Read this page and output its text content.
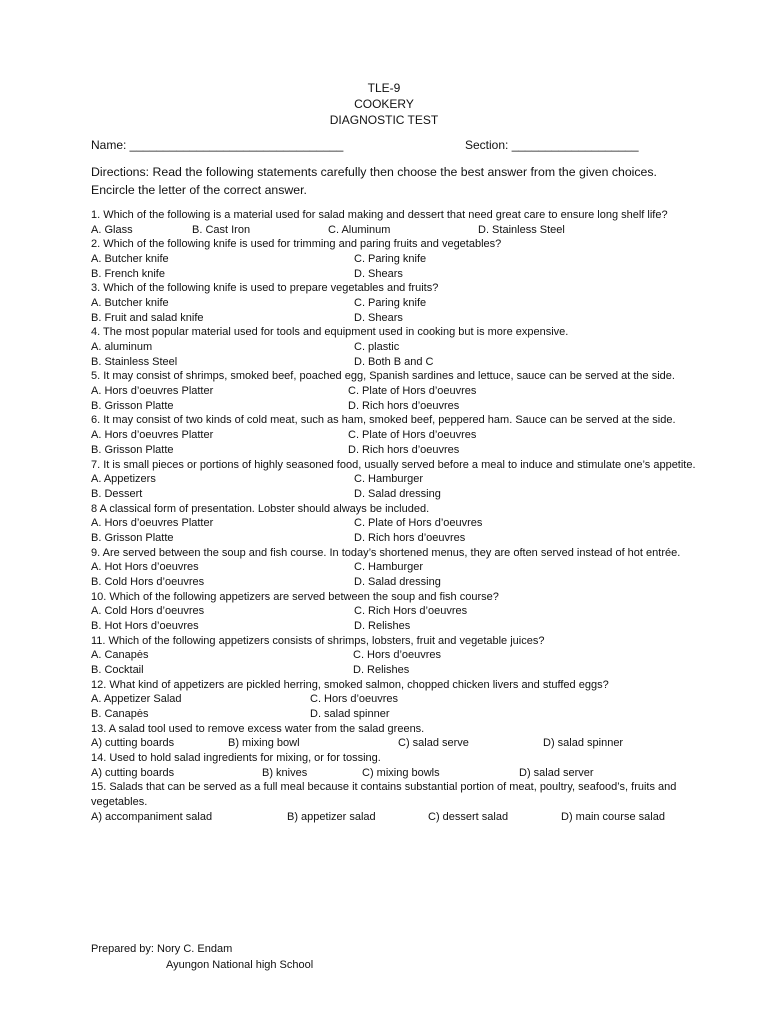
TLE-9
COOKERY
DIAGNOSTIC TEST
Name: ________________________________	Section: ___________________
Directions: Read the following statements carefully then choose the best answer from the given choices. Encircle the letter of the correct answer.

1. Which of the following is a material used for salad making and dessert that need great care to ensure long shelf life?

A. Glass	B. Cast Iron	C. Aluminum	D. Stainless Steel

2. Which of the following knife is used for trimming and paring fruits and vegetables?

A. Butcher knife	C. Paring knife
B. French knife	D. Shears

3. Which of the following knife is used to prepare vegetables and fruits?

A. Butcher knife	C. Paring knife
B. Fruit and salad knife	D. Shears

4. The most popular material used for tools and equipment used in cooking but is more expensive.

A. aluminum	C. plastic
B. Stainless Steel	D. Both B and C

5. It may consist of shrimps, smoked beef, poached egg, Spanish sardines and lettuce, sauce can be served at the side.

A. Hors d’oeuvres Platter	C. Plate of Hors d’oeuvres
B. Grisson Platte	D. Rich hors d’oeuvres

6. It may consist of two kinds of cold meat, such as ham, smoked beef, peppered ham. Sauce can be served at the side.

A. Hors d’oeuvres Platter	C. Plate of Hors d’oeuvres
B. Grisson Platte	D. Rich hors d’oeuvres

7. It is small pieces or portions of highly seasoned food, usually served before a meal to induce and stimulate one’s appetite.

A. Appetizers	C. Hamburger
B. Dessert	D. Salad dressing

8 A classical form of presentation. Lobster should always be included.

A. Hors d’oeuvres Platter	C. Plate of Hors d’oeuvres
B. Grisson Platte	D. Rich hors d’oeuvres

9. Are served between the soup and fish course. In today’s shortened menus, they are often served instead of hot entrée.

A. Hot Hors d’oeuvres	C. Hamburger
B. Cold Hors d’oeuvres	D. Salad dressing

10. Which of the following appetizers are served between the soup and fish course?

A. Cold Hors d’oeuvres	C. Rich Hors d’oeuvres
B. Hot Hors d’oeuvres	D. Relishes

11. Which of the following appetizers consists of shrimps, lobsters, fruit and vegetable juices?

A. Canapės	C. Hors d’oeuvres
B. Cocktail	D. Relishes

12. What kind of appetizers are pickled herring, smoked salmon, chopped chicken livers and stuffed eggs?

A. Appetizer Salad	C. Hors d’oeuvres
B. Canapės	D. salad spinner

13. A salad tool used to remove excess water from the salad greens.

A) cutting boards	B) mixing bowl	C) salad serve	D) salad spinner

14. Used to hold salad ingredients for mixing, or for tossing.

A) cutting boards	B) knives	C) mixing bowls	D) salad server

15. Salads that can be served as a full meal because it contains substantial portion of meat, poultry, seafood’s, fruits and vegetables.

A) accompaniment salad	B) appetizer salad	C) dessert salad	D) main course salad
Prepared by: Nory C. Endam
Ayungon National high School
